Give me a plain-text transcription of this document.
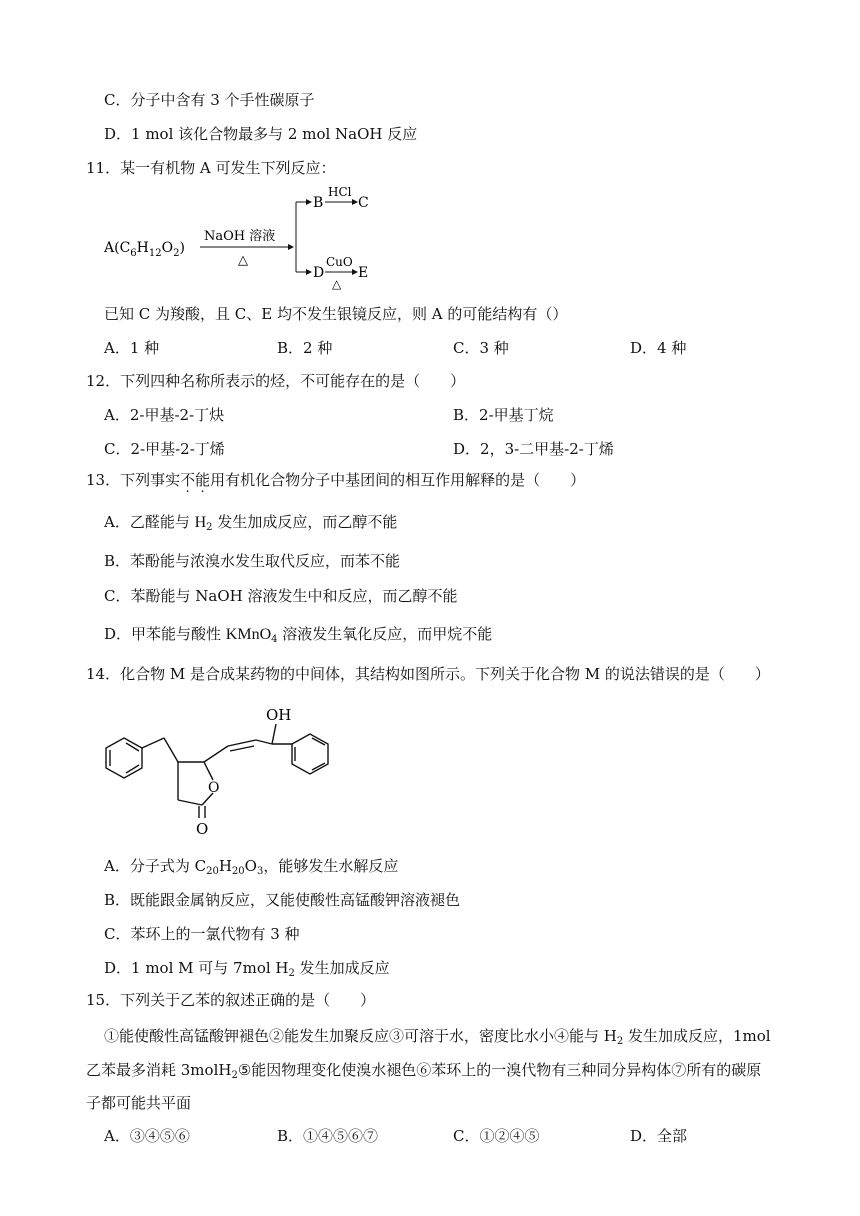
C．分子中含有 3 个手性碳原子
D．1 mol 该化合物最多与 2 mol NaOH 反应
11．某一有机物 A 可发生下列反应：
$A(C_6H_{12}O_2)$
NaOH 溶液
△
B
HCl
C
D
CuO
△
E
已知 C 为羧酸，且 C、E 均不发生银镜反应，则 A 的可能结构有（）
A．1 种	B．2 种	C．3 种	D．4 种
12．下列四种名称所表示的烃，不可能存在的是（　　）
A．2-甲基-2-丁炔	B．2-甲基丁烷
C．2-甲基-2-丁烯	D．2，3-二甲基-2-丁烯
13．下列事实不能用有机化合物分子中基团间的相互作用解释的是（　　）
A．乙醛能与 $H_2$ 发生加成反应，而乙醇不能
B．苯酚能与浓溴水发生取代反应，而苯不能
C．苯酚能与 NaOH 溶液发生中和反应，而乙醇不能
D．甲苯能与酸性 KMnO$_4$ 溶液发生氧化反应，而甲烷不能
14．化合物 M 是合成某药物的中间体，其结构如图所示。下列关于化合物 M 的说法错误的是（　　）
OH
O
O
A．分子式为 $C_{20}H_{20}O_3$，能够发生水解反应
B．既能跟金属钠反应，又能使酸性高锰酸钾溶液褪色
C．苯环上的一氯代物有 3 种
D．1 mol M 可与 7mol $H_2$ 发生加成反应
15．下列关于乙苯的叙述正确的是（　　）
①能使酸性高锰酸钾褪色②能发生加聚反应③可溶于水，密度比水小④能与 $H_2$ 发生加成反应，1mol
乙苯最多消耗 3molH$_2$⑤能因物理变化使溴水褪色⑥苯环上的一溴代物有三种同分异构体⑦所有的碳原
子都可能共平面
A．③④⑤⑥	B．①④⑤⑥⑦	C．①②④⑤	D．全部
